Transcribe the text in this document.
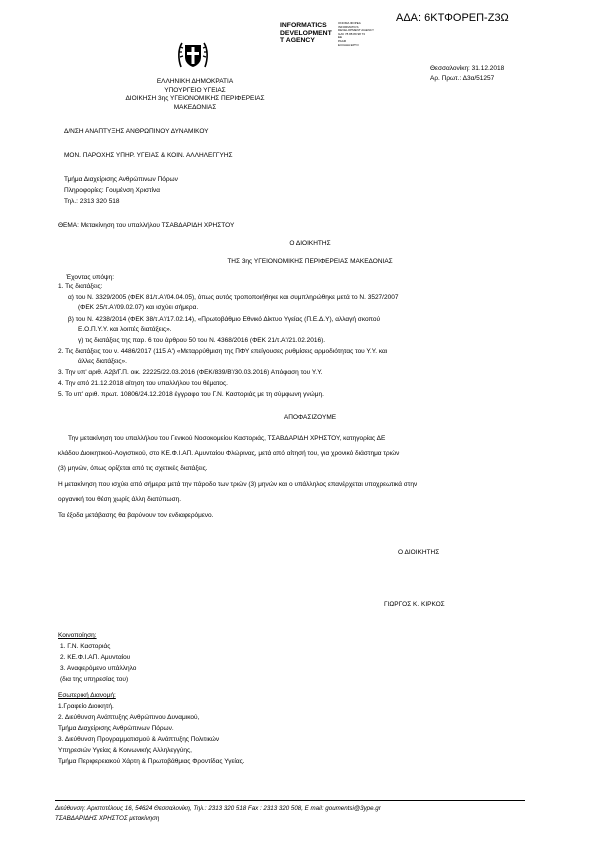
ΑΔΑ: 6ΚΤΦΟΡΕΠ-Ζ3Ω
INFORMATICS
DEVELOPMENT
T AGENCY
ΟΝΟΜΑ ΦΟΡΕΑ
INFORMATICS
DEVELOPMENT AGENCY
GAV 78 88 89 98 73
ΕΕ
ΡΑΑΦ
ΕΛΛΑΔΑ ΕΡΓΟ
ΕΛΛΗΝΙΚΗ ΔΗΜΟΚΡΑΤΙΑ
ΥΠΟΥΡΓΕΙΟ ΥΓΕΙΑΣ
ΔΙΟΙΚΗΣΗ 3ης ΥΓΕΙΟΝΟΜΙΚΗΣ ΠΕΡΙΦΕΡΕΙΑΣ
ΜΑΚΕΔΟΝΙΑΣ
Θεσσαλονίκη: 31.12.2018
Αρ. Πρωτ.: Δ3α/51257
Δ/ΝΣΗ ΑΝΑΠΤΥΞΗΣ ΑΝΘΡΩΠΙΝΟΥ ΔΥΝΑΜΙΚΟΥ
ΜΟΝ. ΠΑΡΟΧΗΣ ΥΠΗΡ. ΥΓΕΙΑΣ & ΚΟΙΝ. ΑΛΛΗΛΕΓΓΥΗΣ
Τμήμα Διαχείρισης Ανθρώπινων Πόρων
Πληροφορίες: Γουμένση Χριστίνα
Τηλ.: 2313 320 518
ΘΕΜΑ: Μετακίνηση του υπαλλήλου ΤΣΑΒΔΑΡΙΔΗ ΧΡΗΣΤΟΥ
Ο ΔΙΟΙΚΗΤΗΣ
ΤΗΣ 3ης ΥΓΕΙΟΝΟΜΙΚΗΣ ΠΕΡΙΦΕΡΕΙΑΣ ΜΑΚΕΔΟΝΙΑΣ
Έχοντας υπόψη:
1. Τις διατάξεις:
α) του Ν. 3329/2005 (ΦΕΚ 81/τ.Α'/04.04.05), όπως αυτός τροποποιήθηκε και συμπληρώθηκε μετά το Ν. 3527/2007
(ΦΕΚ 25/τ.Α'/09.02.07) και ισχύει σήμερα.
β) του Ν. 4238/2014 (ΦΕΚ 38/τ.Α'/17.02.14), «Πρωτοβάθμιο Εθνικό Δίκτυο Υγείας (Π.Ε.Δ.Υ), αλλαγή σκοπού
Ε.Ο.Π.Υ.Υ. και λοιπές διατάξεις».
γ) τις διατάξεις της παρ. 6 του άρθρου 50 του Ν. 4368/2016 (ΦΕΚ 21/τ.Α'/21.02.2016).
2. Τις διατάξεις του ν. 4486/2017 (115 Α') «Μεταρρύθμιση της ΠΦΥ επείγουσες ρυθμίσεις αρμοδιότητας του Υ.Υ. και
άλλες διατάξεις».
3. Την υπ' αριθ. Α2β/Γ.Π. οικ. 22225/22.03.2016 (ΦΕΚ/839/Β'/30.03.2016) Απόφαση του Υ.Υ.
4. Την από 21.12.2018 αίτηση του υπαλλήλου του θέματος.
5. Το υπ' αριθ. πρωτ. 10806/24.12.2018 έγγραφο του Γ.Ν. Καστοριάς με τη σύμφωνη γνώμη.
ΑΠΟΦΑΣΙΖΟΥΜΕ
Την μετακίνηση του υπαλλήλου του Γενικού Νοσοκομείου Καστοριάς, ΤΣΑΒΔΑΡΙΔΗ ΧΡΗΣΤΟΥ, κατηγορίας ΔΕ
κλάδου Διοικητικού-Λογιστικού, στο ΚΕ.Φ.Ι.ΑΠ. Αμυνταίου Φλώρινας, μετά από αίτησή του, για χρονικό διάστημα τριών
(3) μηνών, όπως ορίζεται από τις σχετικές διατάξεις.
Η μετακίνηση που ισχύει από σήμερα μετά την πάροδο των τριών (3) μηνών και ο υπάλληλος επανέρχεται υποχρεωτικά στην
οργανική του θέση χωρίς άλλη διατύπωση.
Τα έξοδα μετάβασης θα βαρύνουν τον ενδιαφερόμενο.
Ο ΔΙΟΙΚΗΤΗΣ
ΓΙΩΡΓΟΣ Κ. ΚΙΡΚΟΣ
Κοινοποίηση:
1. Γ.Ν. Καστοριάς
2. ΚΕ.Φ.Ι.ΑΠ. Αμυνταίου
3. Αναφερόμενο υπάλληλο
(δια της υπηρεσίας του)
Εσωτερική Διανομή:
1.Γραφείο Διοικητή.
2. Διεύθυνση Ανάπτυξης Ανθρώπινου Δυναμικού,
Τμήμα Διαχείρισης Ανθρώπινων Πόρων.
3. Διεύθυνση Προγραμματισμού & Ανάπτυξης Πολιτικών
Υπηρεσιών Υγείας & Κοινωνικής Αλληλεγγύης,
Τμήμα Περιφερειακού Χάρτη & Πρωτοβάθμιας Φροντίδας Υγείας.
Διεύθυνση: Αριστοτέλους 16, 54624 Θεσσαλονίκη, Τηλ.: 2313 320 518 Fax : 2313 320 508, E mail: goumentsi@3ype.gr
ΤΣΑΒΔΑΡΙΔΗΣ ΧΡΗΣΤΟΣ μετακίνηση
